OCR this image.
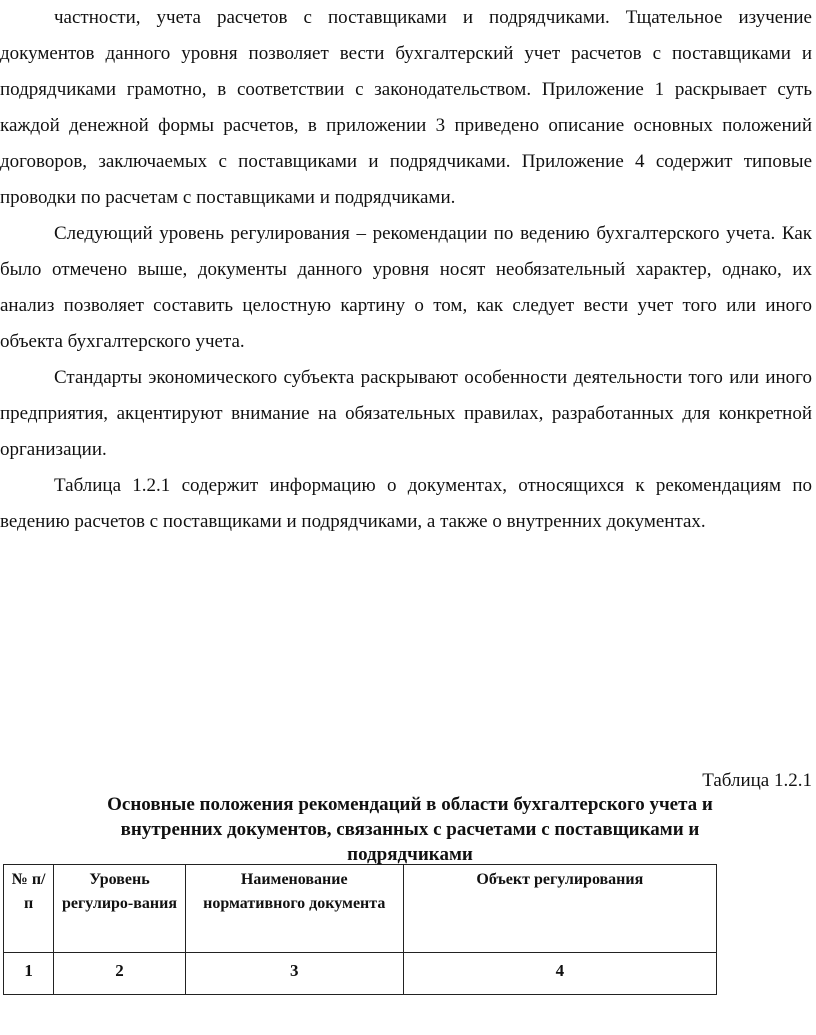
частности, учета расчетов с поставщиками и подрядчиками. Тщательное изучение документов данного уровня позволяет вести бухгалтерский учет расчетов с поставщиками и подрядчиками грамотно, в соответствии с законодательством. Приложение 1 раскрывает суть каждой денежной формы расчетов, в приложении 3 приведено описание основных положений договоров, заключаемых с поставщиками и подрядчиками. Приложение 4 содержит типовые проводки по расчетам с поставщиками и подрядчиками.

Следующий уровень регулирования – рекомендации по ведению бухгалтерского учета. Как было отмечено выше, документы данного уровня носят необязательный характер, однако, их анализ позволяет составить целостную картину о том, как следует вести учет того или иного объекта бухгалтерского учета.

Стандарты экономического субъекта раскрывают особенности деятельности того или иного предприятия, акцентируют внимание на обязательных правилах, разработанных для конкретной организации.

Таблица 1.2.1 содержит информацию о документах, относящихся к рекомендациям по ведению расчетов с поставщиками и подрядчиками, а также о внутренних документах.

Таблица 1.2.1
Основные положения рекомендаций в области бухгалтерского учета и внутренних документов, связанных с расчетами с поставщиками и подрядчиками
№ п/п	Уровень регулиро-вания	Наименование нормативного документа	Объект регулирования
1	2	3	4
